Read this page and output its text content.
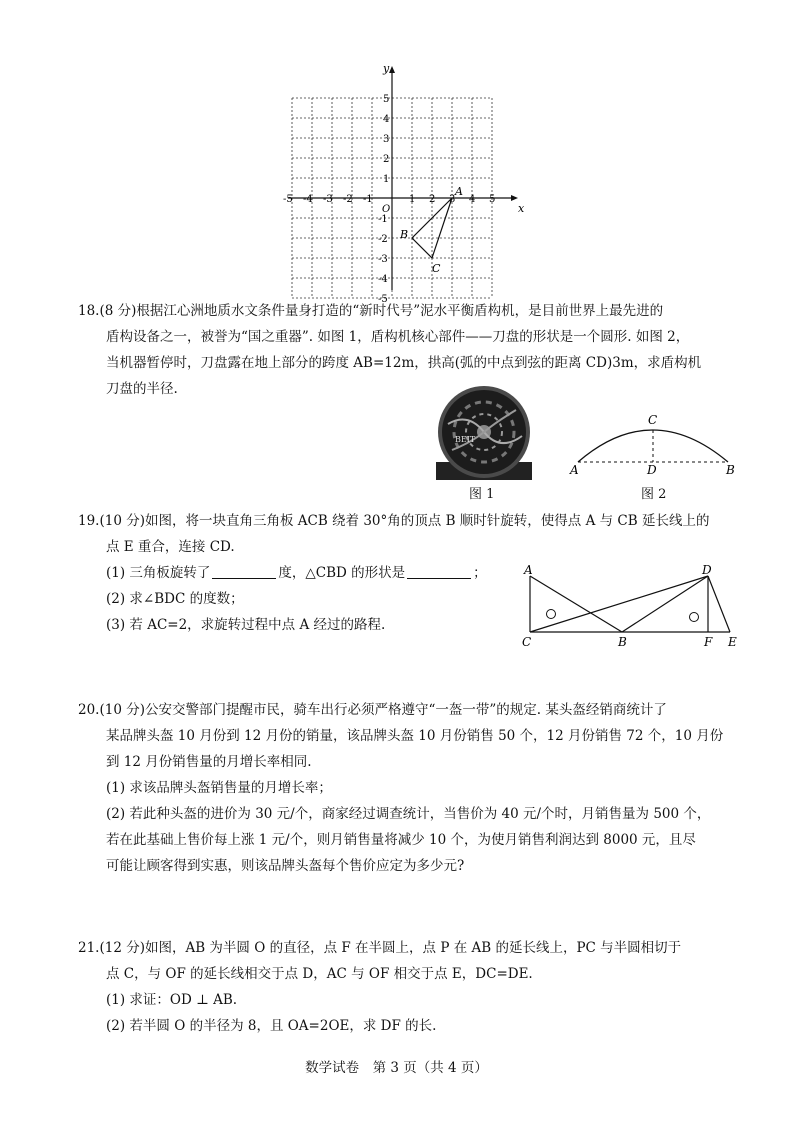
x
y
O
-5 -4 -3 -2 -1	1 2 3 4 5
5
4
3
2
1
-1
-2
-3
-4
-5
A
B
C
18.(8 分)根据江心洲地质水文条件量身打造的“新时代号”泥水平衡盾构机，是目前世界上最先进的
盾构设备之一，被誉为“国之重器”. 如图 1，盾构机核心部件——刀盘的形状是一个圆形. 如图 2，
当机器暂停时，刀盘露在地上部分的跨度 AB=12m，拱高(弧的中点到弦的距离 CD)3m，求盾构机
刀盘的半径.
BEIT
图 1
A	B
C
D
图 2
19.(10 分)如图，将一块直角三角板 ACB 绕着 30°角的顶点 B 顺时针旋转，使得点 A 与 CB 延长线上的
点 E 重合，连接 CD.
(1) 三角板旋转了	度，△CBD 的形状是	；
(2) 求∠BDC 的度数；
(3) 若 AC=2，求旋转过程中点 A 经过的路程.
A	D
C	B	F E
20.(10 分)公安交警部门提醒市民，骑车出行必须严格遵守“一盔一带”的规定. 某头盔经销商统计了
某品牌头盔 10 月份到 12 月份的销量，该品牌头盔 10 月份销售 50 个，12 月份销售 72 个，10 月份
到 12 月份销售量的月增长率相同.
(1) 求该品牌头盔销售量的月增长率；
(2) 若此种头盔的进价为 30 元/个，商家经过调查统计，当售价为 40 元/个时，月销售量为 500 个，
若在此基础上售价每上涨 1 元/个，则月销售量将减少 10 个，为使月销售利润达到 8000 元，且尽
可能让顾客得到实惠，则该品牌头盔每个售价应定为多少元?
21.(12 分)如图，AB 为半圆 O 的直径，点 F 在半圆上，点 P 在 AB 的延长线上，PC 与半圆相切于
点 C，与 OF 的延长线相交于点 D，AC 与 OF 相交于点 E，DC=DE.
(1) 求证：OD ⊥ AB.
(2) 若半圆 O 的半径为 8，且 OA=2OE，求 DF 的长.
数学试卷　第 3 页（共 4 页）
